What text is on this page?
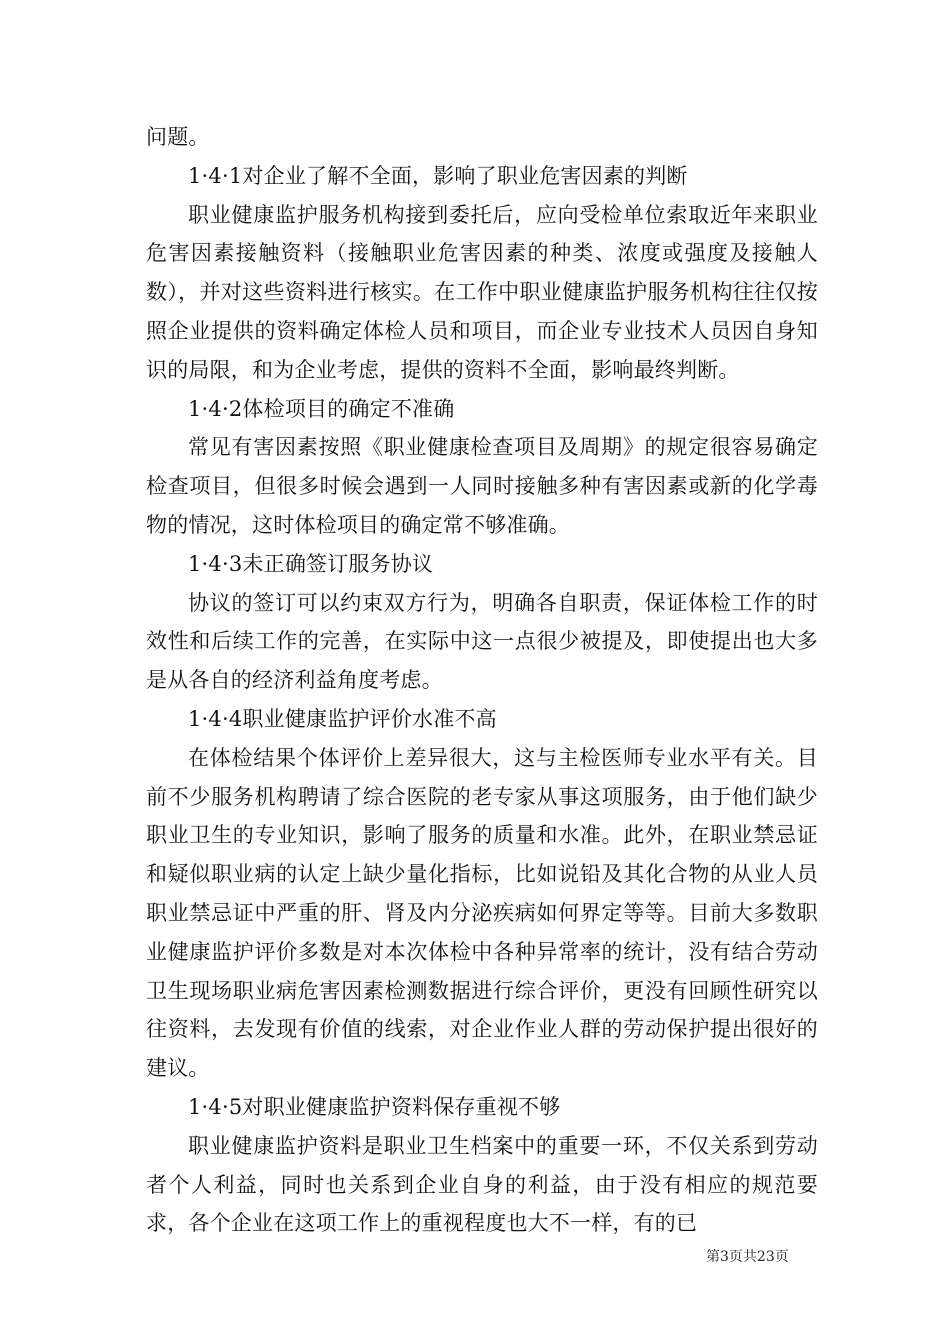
问题。

1·4·1对企业了解不全面，影响了职业危害因素的判断

职业健康监护服务机构接到委托后，应向受检单位索取近年来职业危害因素接触资料（接触职业危害因素的种类、浓度或强度及接触人数），并对这些资料进行核实。在工作中职业健康监护服务机构往往仅按照企业提供的资料确定体检人员和项目，而企业专业技术人员因自身知识的局限，和为企业考虑，提供的资料不全面，影响最终判断。

1·4·2体检项目的确定不准确

常见有害因素按照《职业健康检查项目及周期》的规定很容易确定检查项目，但很多时候会遇到一人同时接触多种有害因素或新的化学毒物的情况，这时体检项目的确定常不够准确。

1·4·3未正确签订服务协议

协议的签订可以约束双方行为，明确各自职责，保证体检工作的时效性和后续工作的完善，在实际中这一点很少被提及，即使提出也大多是从各自的经济利益角度考虑。

1·4·4职业健康监护评价水准不高

在体检结果个体评价上差异很大，这与主检医师专业水平有关。目前不少服务机构聘请了综合医院的老专家从事这项服务，由于他们缺少职业卫生的专业知识，影响了服务的质量和水准。此外，在职业禁忌证和疑似职业病的认定上缺少量化指标，比如说铅及其化合物的从业人员职业禁忌证中严重的肝、肾及内分泌疾病如何界定等等。目前大多数职业健康监护评价多数是对本次体检中各种异常率的统计，没有结合劳动卫生现场职业病危害因素检测数据进行综合评价，更没有回顾性研究以往资料，去发现有价值的线索，对企业作业人群的劳动保护提出很好的建议。

1·4·5对职业健康监护资料保存重视不够

职业健康监护资料是职业卫生档案中的重要一环，不仅关系到劳动者个人利益，同时也关系到企业自身的利益，由于没有相应的规范要求，各个企业在这项工作上的重视程度也大不一样，有的已

第3页共23页
